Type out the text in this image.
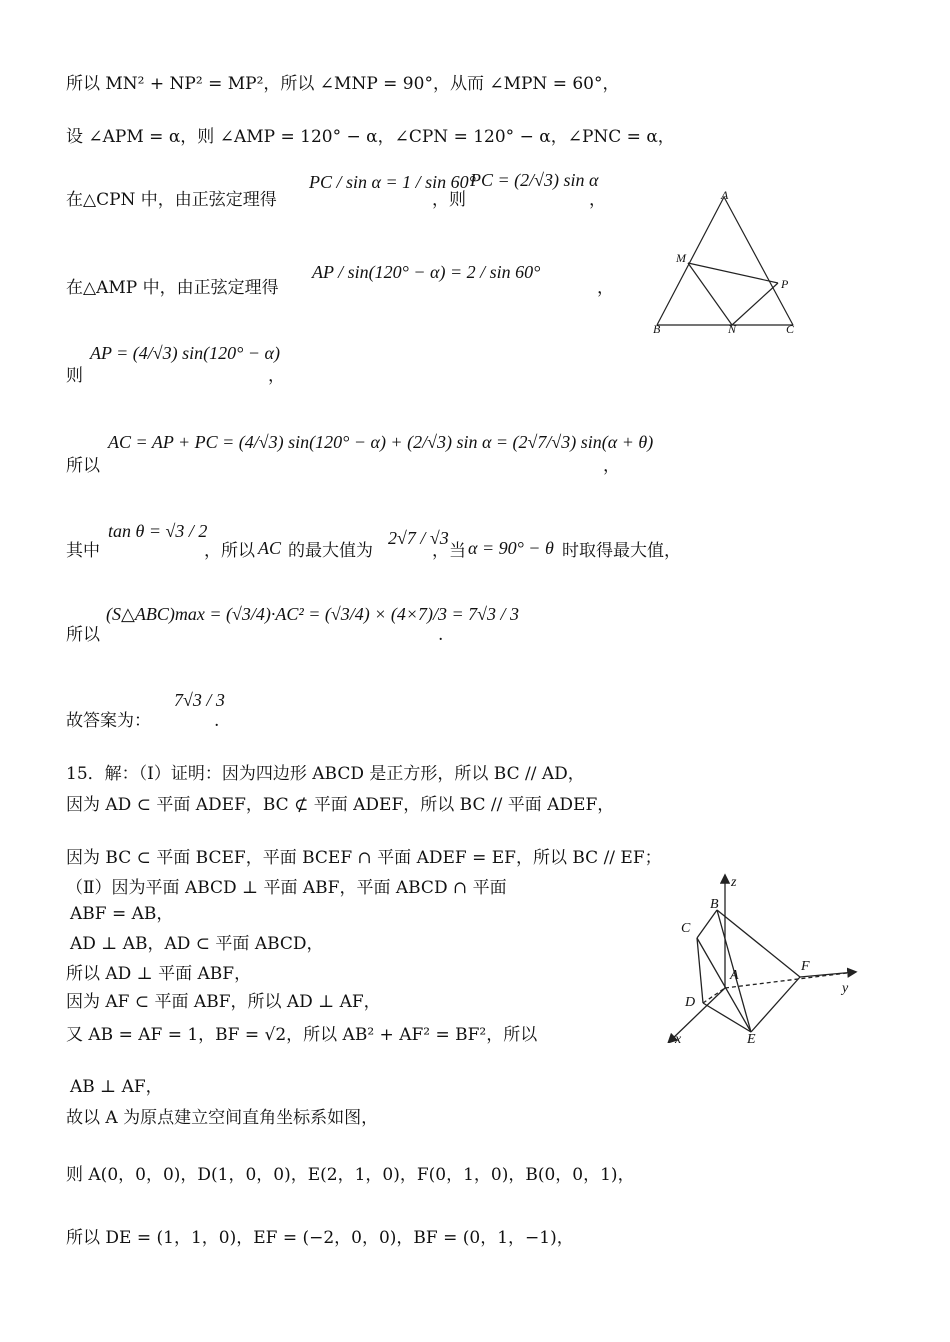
所以 MN² + NP² = MP²，所以 ∠MNP = 90°，从而 ∠MPN = 60°，
设 ∠APM = α，则 ∠AMP = 120° − α，∠CPN = 120° − α，∠PNC = α，
在△CPN 中，由正弦定理得
PC / sin α = 1 / sin 60°
，则
PC = (2/√3) sin α
，
在△AMP 中，由正弦定理得
AP / sin(120° − α) = 2 / sin 60°
，
则
AP = (4/√3) sin(120° − α)
，
所以
AC = AP + PC = (4/√3) sin(120° − α) + (2/√3) sin α = (2√7/√3) sin(α + θ)
，
其中
tan θ = √3 / 2
，所以 AC 的最大值为
2√7 / √3
，当 α = 90° − θ 时取得最大值，
所以
(S△ABC)max = (√3/4)·AC² = (√3/4) × (4×7)/3 = 7√3 / 3
.
故答案为：
7√3 / 3
.
15．解：（Ⅰ）证明：因为四边形 ABCD 是正方形，所以 BC // AD，
因为 AD ⊂ 平面 ADEF，BC ⊄ 平面 ADEF，所以 BC // 平面 ADEF，
因为 BC ⊂ 平面 BCEF，平面 BCEF ∩ 平面 ADEF = EF，所以 BC // EF；
（Ⅱ）因为平面 ABCD ⊥ 平面 ABF，平面 ABCD ∩ 平面
ABF = AB，
AD ⊥ AB，AD ⊂ 平面 ABCD，
所以 AD ⊥ 平面 ABF，
因为 AF ⊂ 平面 ABF，所以 AD ⊥ AF，
又 AB = AF = 1，BF = √2，所以 AB² + AF² = BF²，所以
AB ⊥ AF，
故以 A 为原点建立空间直角坐标系如图，
则 A(0，0，0)，D(1，0，0)，E(2，1，0)，F(0，1，0)，B(0，0，1)，
所以 DE = (1，1，0)，EF = (−2，0，0)，BF = (0，1，−1)，
A
M
P
B	N	C
z
y
x
B
C
A
F
D
E
